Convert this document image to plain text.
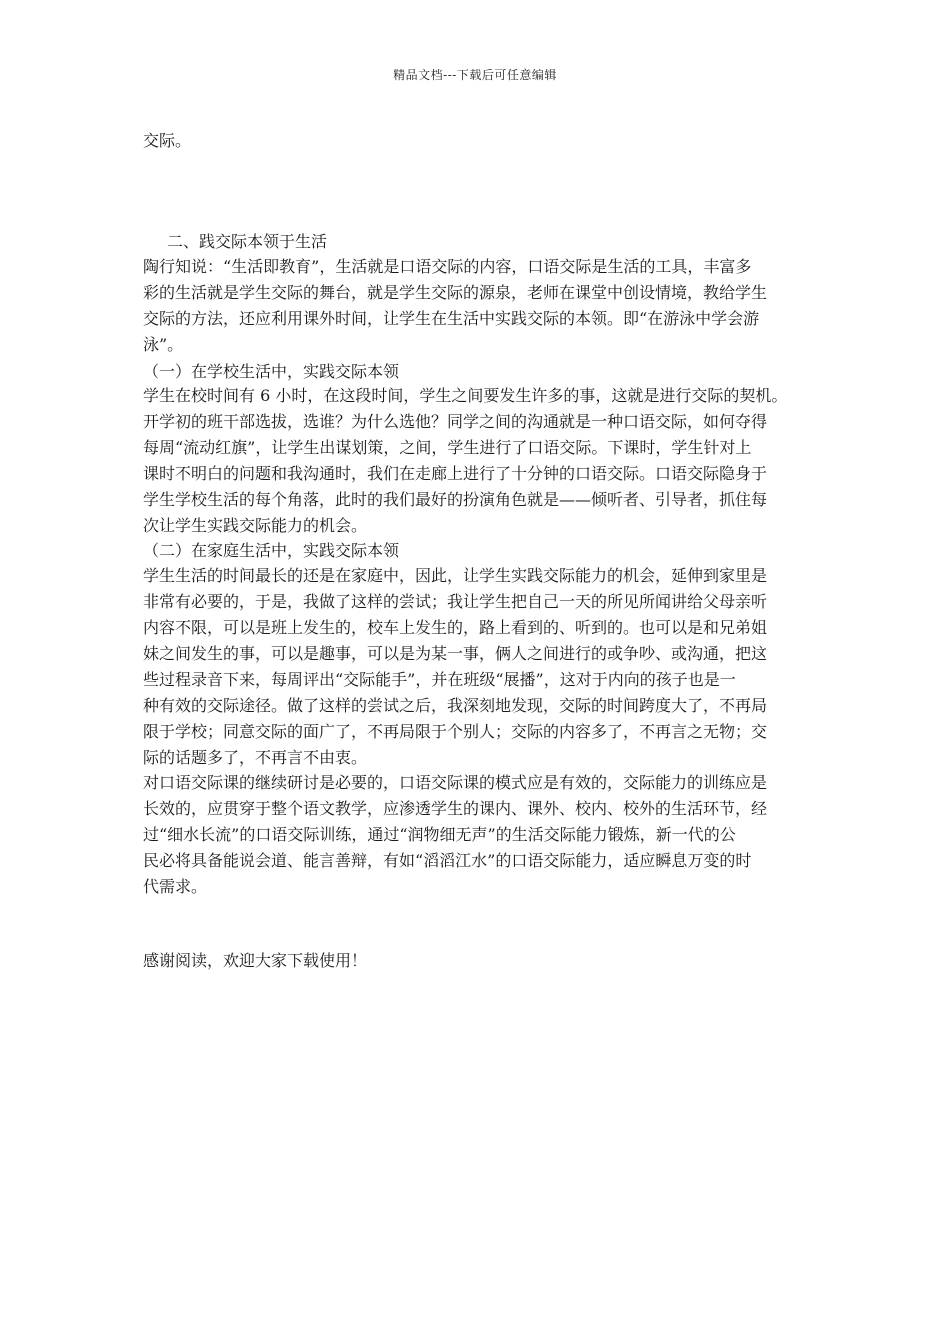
精品文档---下载后可任意编辑
交际。
二、践交际本领于生活
陶行知说：“生活即教育”，生活就是口语交际的内容，口语交际是生活的工具，丰富多
彩的生活就是学生交际的舞台，就是学生交际的源泉，老师在课堂中创设情境，教给学生
交际的方法，还应利用课外时间，让学生在生活中实践交际的本领。即“在游泳中学会游
泳”。
（一）在学校生活中，实践交际本领
学生在校时间有 6 小时，在这段时间，学生之间要发生许多的事，这就是进行交际的契机。
开学初的班干部选拔，选谁？为什么选他？同学之间的沟通就是一种口语交际，如何夺得
每周“流动红旗”，让学生出谋划策，之间，学生进行了口语交际。下课时，学生针对上
课时不明白的问题和我沟通时，我们在走廊上进行了十分钟的口语交际。口语交际隐身于
学生学校生活的每个角落，此时的我们最好的扮演角色就是——倾听者、引导者，抓住每
次让学生实践交际能力的机会。
（二）在家庭生活中，实践交际本领
学生生活的时间最长的还是在家庭中，因此，让学生实践交际能力的机会，延伸到家里是
非常有必要的，于是，我做了这样的尝试；我让学生把自己一天的所见所闻讲给父母亲听
内容不限，可以是班上发生的，校车上发生的，路上看到的、听到的。也可以是和兄弟姐
妹之间发生的事，可以是趣事，可以是为某一事，俩人之间进行的或争吵、或沟通，把这
些过程录音下来，每周评出“交际能手”，并在班级“展播”，这对于内向的孩子也是一
种有效的交际途径。做了这样的尝试之后，我深刻地发现，交际的时间跨度大了，不再局
限于学校；同意交际的面广了，不再局限于个别人；交际的内容多了，不再言之无物；交
际的话题多了，不再言不由衷。
对口语交际课的继续研讨是必要的，口语交际课的模式应是有效的，交际能力的训练应是
长效的，应贯穿于整个语文教学，应渗透学生的课内、课外、校内、校外的生活环节，经
过“细水长流”的口语交际训练，通过“润物细无声”的生活交际能力锻炼，新一代的公
民必将具备能说会道、能言善辩，有如“滔滔江水”的口语交际能力，适应瞬息万变的时
代需求。
感谢阅读，欢迎大家下载使用！
